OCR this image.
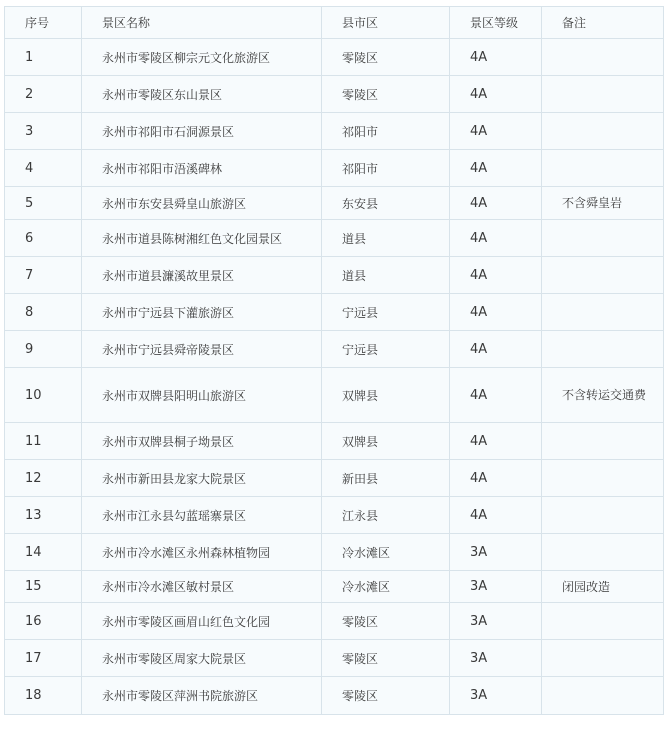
序号	景区名称	县市区	景区等级	备注
1	永州市零陵区柳宗元文化旅游区	零陵区	4A	
2	永州市零陵区东山景区	零陵区	4A	
3	永州市祁阳市石洞源景区	祁阳市	4A	
4	永州市祁阳市浯溪碑林	祁阳市	4A	
5	永州市东安县舜皇山旅游区	东安县	4A	不含舜皇岩
6	永州市道县陈树湘红色文化园景区	道县	4A	
7	永州市道县濂溪故里景区	道县	4A	
8	永州市宁远县下灌旅游区	宁远县	4A	
9	永州市宁远县舜帝陵景区	宁远县	4A	
10	永州市双牌县阳明山旅游区	双牌县	4A	不含转运交通费
11	永州市双牌县桐子坳景区	双牌县	4A	
12	永州市新田县龙家大院景区	新田县	4A	
13	永州市江永县勾蓝瑶寨景区	江永县	4A	
14	永州市冷水滩区永州森林植物园	冷水滩区	3A	
15	永州市冷水滩区敏村景区	冷水滩区	3A	闭园改造
16	永州市零陵区画眉山红色文化园	零陵区	3A	
17	永州市零陵区周家大院景区	零陵区	3A	
18	永州市零陵区萍洲书院旅游区	零陵区	3A	
